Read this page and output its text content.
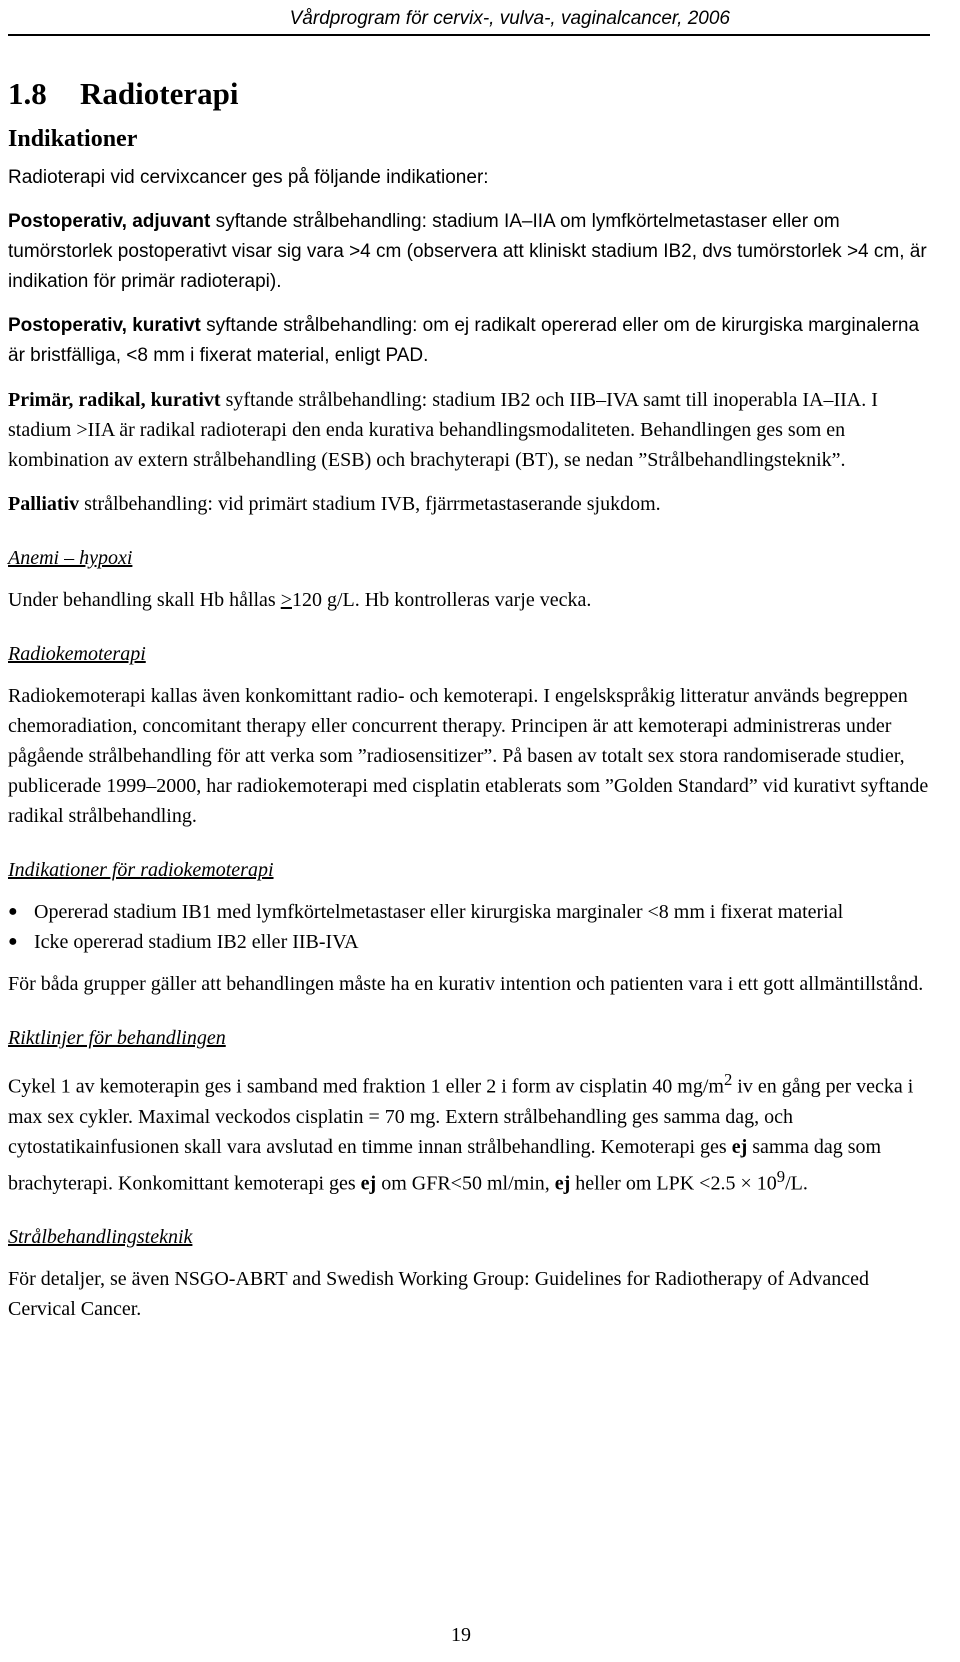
Vårdprogram för cervix-, vulva-, vaginalcancer, 2006

1.8 Radioterapi
Indikationer

Radioterapi vid cervixcancer ges på följande indikationer:

Postoperativ, adjuvant syftande strålbehandling: stadium IA–IIA om lymfkörtelmetastaser eller om tumörstorlek postoperativt visar sig vara >4 cm (observera att kliniskt stadium IB2, dvs tumörstorlek >4 cm, är indikation för primär radioterapi).

Postoperativ, kurativt syftande strålbehandling: om ej radikalt opererad eller om de kirurgiska marginalerna är bristfälliga, <8 mm i fixerat material, enligt PAD.

Primär, radikal, kurativt syftande strålbehandling: stadium IB2 och IIB–IVA samt till inoperabla IA–IIA. I stadium >IIA är radikal radioterapi den enda kurativa behandlingsmodaliteten. Behandlingen ges som en kombination av extern strålbehandling (ESB) och brachyterapi (BT), se nedan ”Strålbehandlingsteknik”.

Palliativ strålbehandling: vid primärt stadium IVB, fjärrmetastaserande sjukdom.

Anemi – hypoxi

Under behandling skall Hb hållas >120 g/L. Hb kontrolleras varje vecka.

Radiokemoterapi

Radiokemoterapi kallas även konkomittant radio- och kemoterapi. I engelskspråkig litteratur används begreppen chemoradiation, concomitant therapy eller concurrent therapy. Principen är att kemoterapi administreras under pågående strålbehandling för att verka som ”radiosensitizer”. På basen av totalt sex stora randomiserade studier, publicerade 1999–2000, har radiokemoterapi med cisplatin etablerats som ”Golden Standard” vid kurativt syftande radikal strålbehandling.

Indikationer för radiokemoterapi
● Opererad stadium IB1 med lymfkörtelmetastaser eller kirurgiska marginaler <8 mm i fixerat material
● Icke opererad stadium IB2 eller IIB-IVA

För båda grupper gäller att behandlingen måste ha en kurativ intention och patienten vara i ett gott allmäntillstånd.

Riktlinjer för behandlingen

Cykel 1 av kemoterapin ges i samband med fraktion 1 eller 2 i form av cisplatin 40 $mg/m^2$ iv en gång per vecka i max sex cykler. Maximal veckodos cisplatin = 70 mg. Extern strålbehandling ges samma dag, och cytostatikainfusionen skall vara avslutad en timme innan strålbehandling. Kemoterapi ges ej samma dag som brachyterapi. Konkomittant kemoterapi ges ej om GFR<50 ml/min, ej heller om LPK $<2.5 \times 10^9/L$.

Strålbehandlingsteknik

För detaljer, se även NSGO-ABRT and Swedish Working Group: Guidelines for Radiotherapy of Advanced Cervical Cancer.

19
